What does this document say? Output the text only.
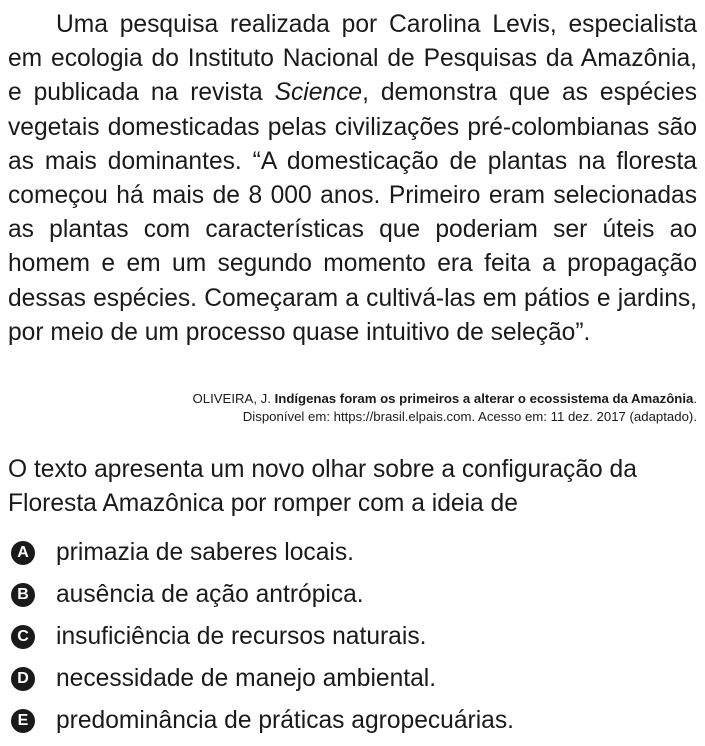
Uma pesquisa realizada por Carolina Levis, especialista em ecologia do Instituto Nacional de Pesquisas da Amazônia, e publicada na revista Science, demonstra que as espécies vegetais domesticadas pelas civilizações pré-colombianas são as mais dominantes. “A domesticação de plantas na floresta começou há mais de 8 000 anos. Primeiro eram selecionadas as plantas com características que poderiam ser úteis ao homem e em um segundo momento era feita a propagação dessas espécies. Começaram a cultivá-las em pátios e jardins, por meio de um processo quase intuitivo de seleção”.

OLIVEIRA, J. Indígenas foram os primeiros a alterar o ecossistema da Amazônia.
Disponível em: https://brasil.elpais.com. Acesso em: 11 dez. 2017 (adaptado).

O texto apresenta um novo olhar sobre a configuração da Floresta Amazônica por romper com a ideia de

A primazia de saberes locais.
B ausência de ação antrópica.
C insuficiência de recursos naturais.
D necessidade de manejo ambiental.
E predominância de práticas agropecuárias.
